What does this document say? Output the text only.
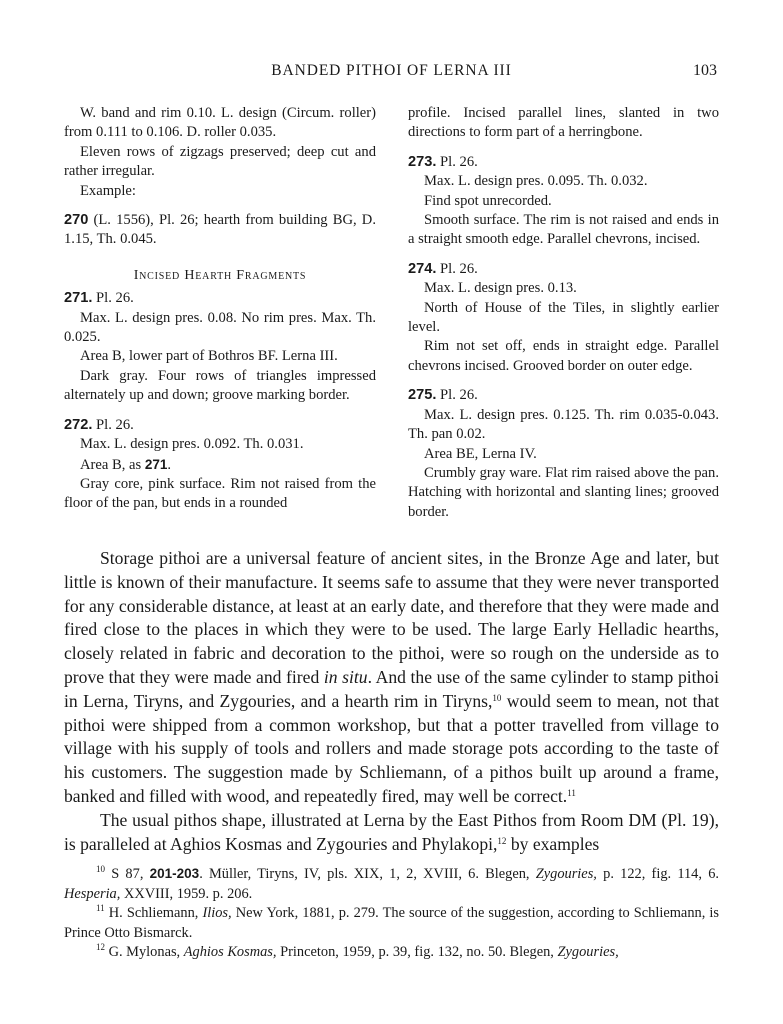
BANDED PITHOI OF LERNA III	103

W. band and rim 0.10. L. design (Circum. roller) from 0.111 to 0.106. D. roller 0.035.

Eleven rows of zigzags preserved; deep cut and rather irregular.

Example:

270 (L. 1556), Pl. 26; hearth from building BG, D. 1.15, Th. 0.045.

Incised Hearth Fragments

271. Pl. 26.

Max. L. design pres. 0.08. No rim pres. Max. Th. 0.025.

Area B, lower part of Bothros BF. Lerna III.

Dark gray. Four rows of triangles impressed alternately up and down; groove marking border.

272. Pl. 26.

Max. L. design pres. 0.092. Th. 0.031.

Area B, as 271.

Gray core, pink surface. Rim not raised from the floor of the pan, but ends in a rounded

profile. Incised parallel lines, slanted in two directions to form part of a herringbone.

273. Pl. 26.

Max. L. design pres. 0.095. Th. 0.032.

Find spot unrecorded.

Smooth surface. The rim is not raised and ends in a straight smooth edge. Parallel chevrons, incised.

274. Pl. 26.

Max. L. design pres. 0.13.

North of House of the Tiles, in slightly earlier level.

Rim not set off, ends in straight edge. Parallel chevrons incised. Grooved border on outer edge.

275. Pl. 26.

Max. L. design pres. 0.125. Th. rim 0.035-0.043. Th. pan 0.02.

Area BE, Lerna IV.

Crumbly gray ware. Flat rim raised above the pan. Hatching with horizontal and slanting lines; grooved border.

Storage pithoi are a universal feature of ancient sites, in the Bronze Age and later, but little is known of their manufacture. It seems safe to assume that they were never transported for any considerable distance, at least at an early date, and therefore that they were made and fired close to the places in which they were to be used. The large Early Helladic hearths, closely related in fabric and decoration to the pithoi, were so rough on the underside as to prove that they were made and fired in situ. And the use of the same cylinder to stamp pithoi in Lerna, Tiryns, and Zygouries, and a hearth rim in Tiryns,$^{10}$ would seem to mean, not that pithoi were shipped from a common workshop, but that a potter travelled from village to village with his supply of tools and rollers and made storage pots according to the taste of his customers. The suggestion made by Schliemann, of a pithos built up around a frame, banked and filled with wood, and repeatedly fired, may well be correct.$^{11}$

The usual pithos shape, illustrated at Lerna by the East Pithos from Room DM (Pl. 19), is paralleled at Aghios Kosmas and Zygouries and Phylakopi,$^{12}$ by examples

$^{10}$ S 87, 201-203. Müller, Tiryns, IV, pls. XIX, 1, 2, XVIII, 6. Blegen, Zygouries, p. 122, fig. 114, 6. Hesperia, XXVIII, 1959. p. 206.

$^{11}$ H. Schliemann, Ilios, New York, 1881, p. 279. The source of the suggestion, according to Schliemann, is Prince Otto Bismarck.

$^{12}$ G. Mylonas, Aghios Kosmas, Princeton, 1959, p. 39, fig. 132, no. 50. Blegen, Zygouries,
